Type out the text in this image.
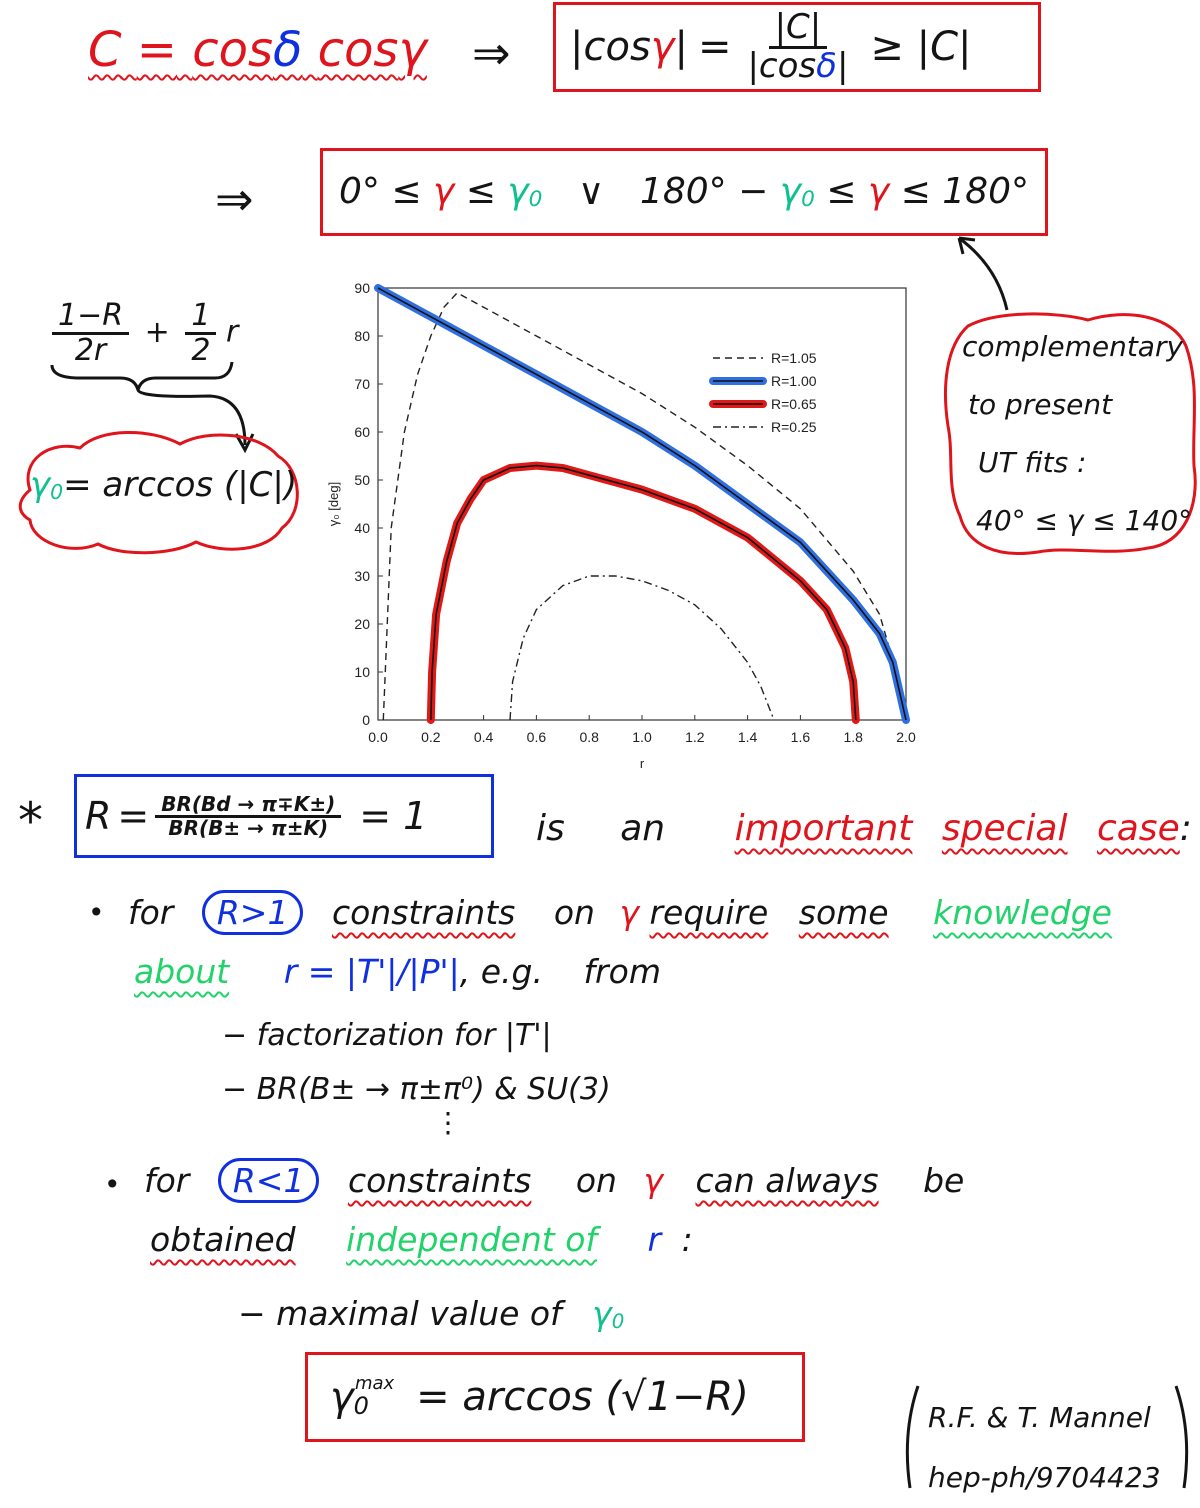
C = cosδ cosγ ⇒ |cos γ | = $\frac{|C|}{|\cos\delta|} \ge |C|$
⇒ $0^\circ \le \gamma \le \gamma_0$ ∨ $180^\circ - \gamma_0 \le \gamma \le 180^\circ$
$\frac{1-R}{2r} + \frac{1}{2}$ r
$\gamma_0= \arccos (|C|)$
complementary
to present
UT fits :
40° ≤ γ ≤ 140°
0.0 0.2 0.4 0.6 0.8 1.0 1.2 1.4 1.6 1.8 2.0
0
10
20
30
40
50
60
70
80
90
r
γ₀ [deg]
R=1.05
R=1.00
R=0.65
R=0.25
* $R = \frac{BR(Bd \to \pi\mp K\pm)}{BR(B\pm \to \pi\pm K)} = 1$	is an important special case:
• for R>1 constraints on γ require some knowledge
about r = |T'|/|P'|, e.g. from
− factorization for |T'|
− BR(B± → π±π⁰) & SU(3)
⋮
• for R<1 constraints on γ can always be
obtained independent of r :
− maximal value of $\gamma_0$
$\gamma_0^{max} = \arccos (√1-R)$	R.F. & T. Mannel
hep-ph/9704423
